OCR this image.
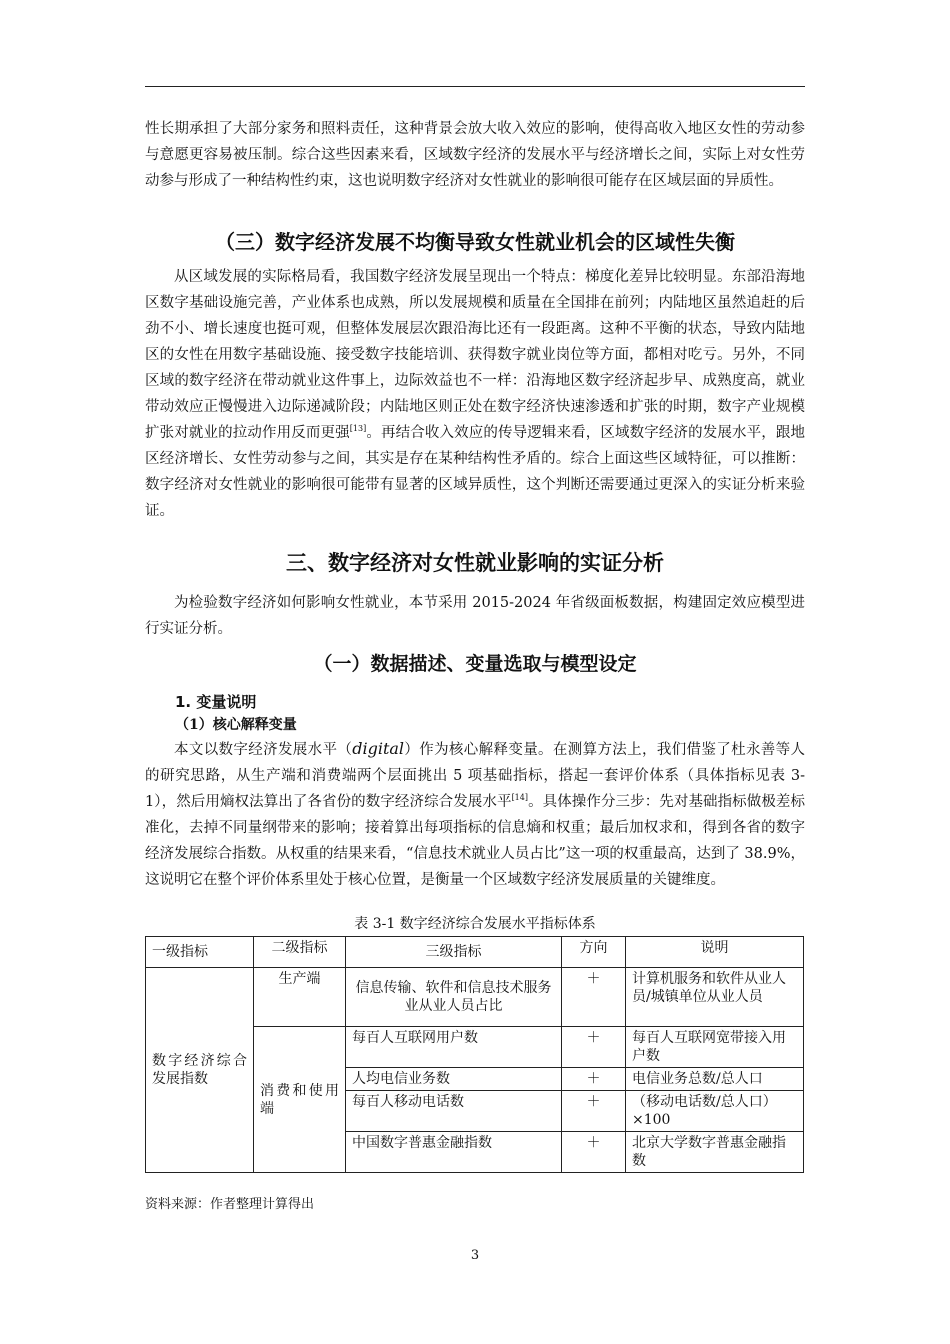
性长期承担了大部分家务和照料责任，这种背景会放大收入效应的影响，使得高收入地区女性的劳动参与意愿更容易被压制。综合这些因素来看，区域数字经济的发展水平与经济增长之间，实际上对女性劳动参与形成了一种结构性约束，这也说明数字经济对女性就业的影响很可能存在区域层面的异质性。

（三）数字经济发展不均衡导致女性就业机会的区域性失衡

从区域发展的实际格局看，我国数字经济发展呈现出一个特点：梯度化差异比较明显。东部沿海地区数字基础设施完善，产业体系也成熟，所以发展规模和质量在全国排在前列；内陆地区虽然追赶的后劲不小、增长速度也挺可观，但整体发展层次跟沿海比还有一段距离。这种不平衡的状态，导致内陆地区的女性在用数字基础设施、接受数字技能培训、获得数字就业岗位等方面，都相对吃亏。另外，不同区域的数字经济在带动就业这件事上，边际效益也不一样：沿海地区数字经济起步早、成熟度高，就业带动效应正慢慢进入边际递减阶段；内陆地区则正处在数字经济快速渗透和扩张的时期，数字产业规模扩张对就业的拉动作用反而更强[13]。再结合收入效应的传导逻辑来看，区域数字经济的发展水平，跟地区经济增长、女性劳动参与之间，其实是存在某种结构性矛盾的。综合上面这些区域特征，可以推断：数字经济对女性就业的影响很可能带有显著的区域异质性，这个判断还需要通过更深入的实证分析来验证。

三、数字经济对女性就业影响的实证分析

为检验数字经济如何影响女性就业，本节采用 2015-2024 年省级面板数据，构建固定效应模型进行实证分析。

（一）数据描述、变量选取与模型设定
1. 变量说明
（1）核心解释变量

本文以数字经济发展水平（digital）作为核心解释变量。在测算方法上，我们借鉴了杜永善等人的研究思路，从生产端和消费端两个层面挑出 5 项基础指标，搭起一套评价体系（具体指标见表 3-1），然后用熵权法算出了各省份的数字经济综合发展水平[14]。具体操作分三步：先对基础指标做极差标准化，去掉不同量纲带来的影响；接着算出每项指标的信息熵和权重；最后加权求和，得到各省的数字经济发展综合指数。从权重的结果来看，“信息技术就业人员占比”这一项的权重最高，达到了 38.9%，这说明它在整个评价体系里处于核心位置，是衡量一个区域数字经济发展质量的关键维度。

表 3-1 数字经济综合发展水平指标体系

一级指标	二级指标	三级指标	方向	说明
数字经济综合发展指数	生产端	信息传输、软件和信息技术服务业从业人员占比	＋	计算机服务和软件从业人员/城镇单位从业人员
	消费和使用端	每百人互联网用户数	＋	每百人互联网宽带接入用户数
		人均电信业务数	＋	电信业务总数/总人口
		每百人移动电话数	＋	（移动电话数/总人口）×100
		中国数字普惠金融指数	＋	北京大学数字普惠金融指数

资料来源：作者整理计算得出

3
